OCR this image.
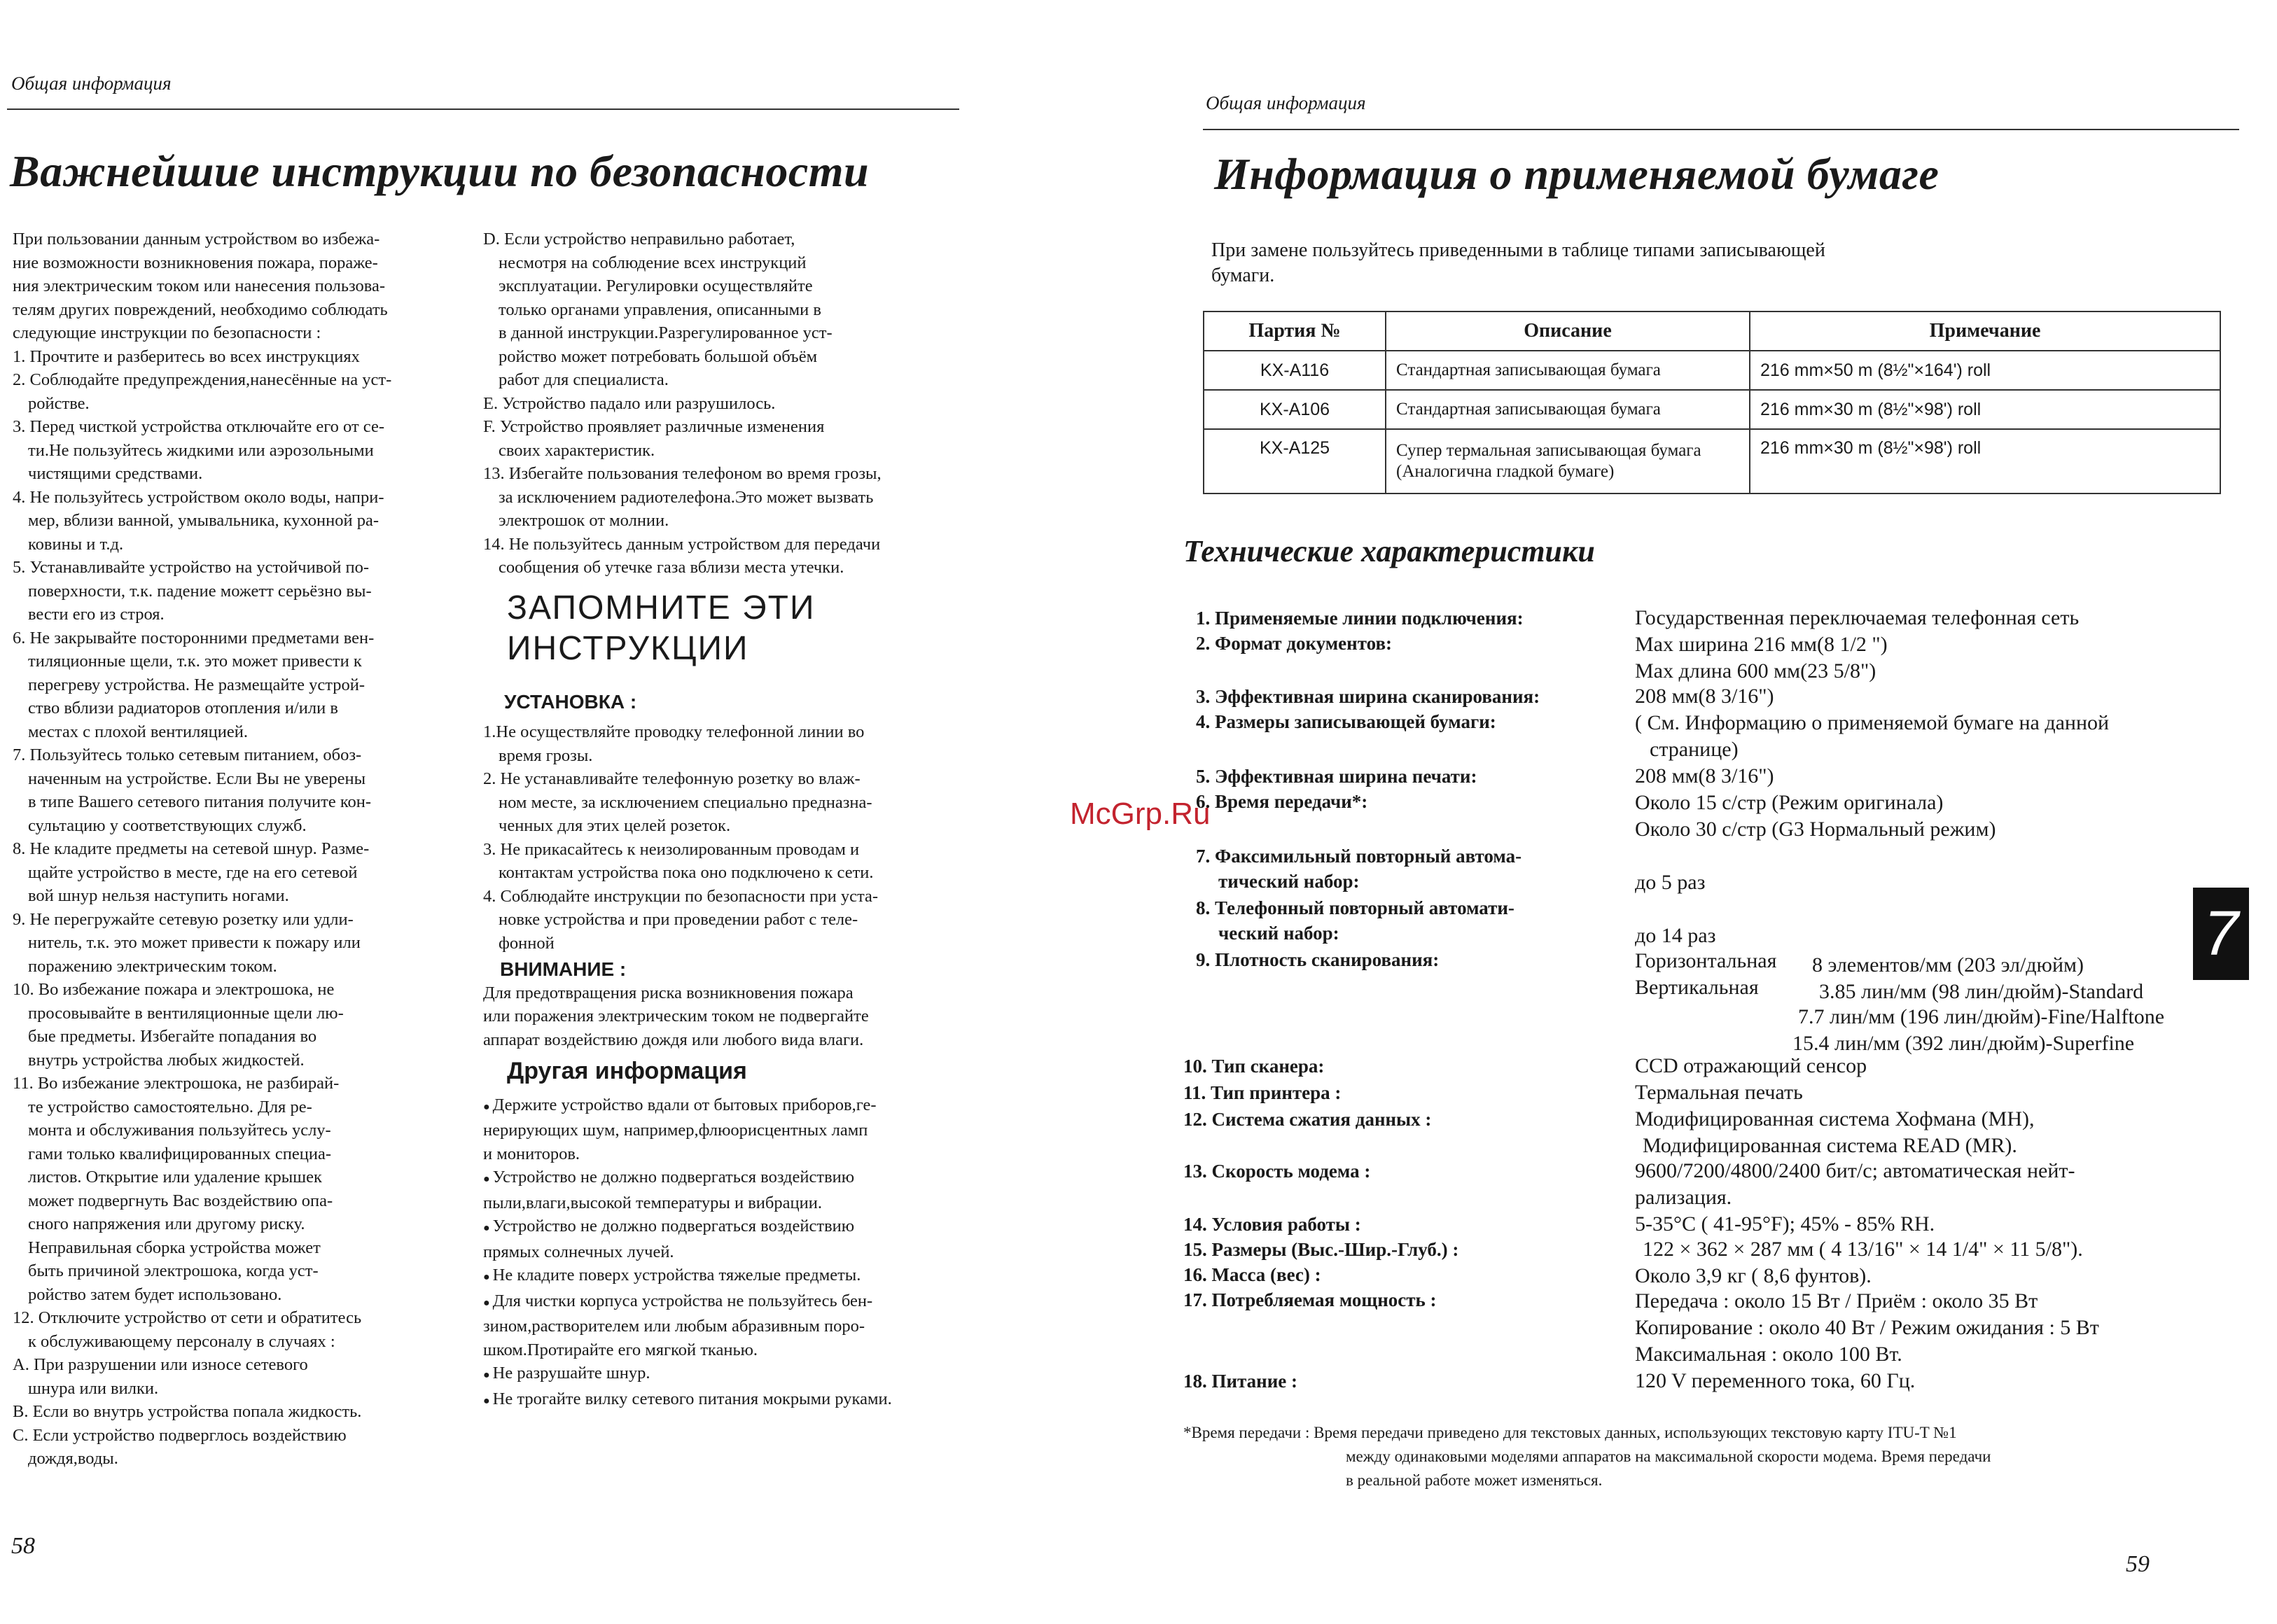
Общая информация
Важнейшие инструкции по безопасности

При пользовании данным устройством во избежа-

ние возможности возникновения пожара, пораже-

ния электрическим током или нанесения пользова-

телям других повреждений, необходимо соблюдать

следующие инструкции по безопасности :

1. Прочтите и разберитесь во всех инструкциях

2. Соблюдайте предупреждения,нанесённые на уст-

ройстве.

3. Перед чисткой устройства отключайте его от се-

ти.Не пользуйтесь жидкими или аэрозольными

чистящими средствами.

4. Не пользуйтесь устройством около воды, напри-

мер, вблизи ванной, умывальника, кухонной ра-

ковины и т.д.

5. Устанавливайте устройство на устойчивой по-

поверхности, т.к. падение можетт серьёзно вы-

вести его из строя.

6. Не закрывайте посторонними предметами вен-

тиляционные щели, т.к. это может привести к

перегреву устройства. Не размещайте устрой-

ство вблизи радиаторов отопления и/или в

местах с плохой вентиляцией.

7. Пользуйтесь только сетевым питанием, обоз-

наченным на устройстве. Если Вы не уверены

в типе Вашего сетевого питания получите кон-

сультацию у соответствующих служб.

8. Не кладите предметы на сетевой шнур. Разме-

щайте устройство в месте, где на его сетевой

вой шнур нельзя наступить ногами.

9. Не перегружайте сетевую розетку или удли-

нитель, т.к. это может привести к пожару или

поражению электрическим током.

10. Во избежание пожара и электрошока, не

просовывайте в вентиляционные щели лю-

бые предметы. Избегайте попадания во

внутрь устройства любых жидкостей.

11. Во избежание электрошока, не разбирай-

те устройство самостоятельно. Для ре-

монта и обслуживания пользуйтесь услу-

гами только квалифицированных специа-

листов. Открытие или удаление крышек

может подвергнуть Вас воздействию опа-

сного напряжения или другому риску.

Неправильная сборка устройства может

быть причиной электрошока, когда уст-

ройство затем будет использовано.

12. Отключите устройство от сети и обратитесь

к обслуживающему персоналу в случаях :

A. При разрушении или износе сетевого

шнура или вилки.

B. Если во внутрь устройства попала жидкость.

C. Если устройство подверглось воздействию

дождя,воды.

D. Если устройство неправильно работает,

несмотря на соблюдение всех инструкций

эксплуатации. Регулировки осуществляйте

только органами управления, описанными в

в данной инструкции.Разрегулированное уст-

ройство может потребовать большой объём

работ для специалиста.

E. Устройство падало или разрушилось.

F. Устройство проявляет различные изменения

своих характеристик.

13. Избегайте пользования телефоном во время грозы,

за исключением радиотелефона.Это может вызвать

электрошок от молнии.

14. Не пользуйтесь данным устройством для передачи

сообщения об утечке газа вблизи места утечки.

ЗАПОМНИТЕ ЭТИ
ИНСТРУКЦИИ
УСТАНОВКА :

1.Не осуществляйте проводку телефонной линии во

время грозы.

2. Не устанавливайте телефонную розетку во влаж-

ном месте, за исключением специально предназна-

ченных для этих целей розеток.

3. Не прикасайтесь к неизолированным проводам и

контактам устройства пока оно подключено к сети.

4. Соблюдайте инструкции по безопасности при уста-

новке устройства и при проведении работ с теле-

фонной

ВНИМАНИЕ :

Для предотвращения риска возникновения пожара

или поражения электрическим током не подвергайте

аппарат воздействию дождя или любого вида влаги.

Другая информация

● Держите устройство вдали от бытовых приборов,ге-

нерирующих шум, например,флюорисцентных ламп

и мониторов.

● Устройство не должно подвергаться воздействию

пыли,влаги,высокой температуры и вибрации.

● Устройство не должно подвергаться воздействию

прямых солнечных лучей.

● Не кладите поверх устройства тяжелые предметы.

● Для чистки корпуса устройства не пользуйтесь бен-

зином,растворителем или любым абразивным поро-

шком.Протирайте его мягкой тканью.

● Не разрушайте шнур.

● Не трогайте вилку сетевого питания мокрыми руками.

58
Общая информация
Информация о применяемой бумаге
При замене пользуйтесь приведенными в таблице типами записывающей
бумаги.
Партия №	Описание	Примечание
KX-A116	Стандартная записывающая бумага	216 mm×50 m (8½"×164') roll
KX-A106	Стандартная записывающая бумага	216 mm×30 m (8½"×98') roll
KX-A125	Супер термальная записывающая бумага
(Аналогична гладкой бумаге)	216 mm×30 m (8½"×98') roll
Технические характеристики
1. Применяемые линии подключения:	Государственная переключаемая телефонная сеть
2. Формат документов:	Max ширина 216 мм(8 1/2 ")
Max длина 600 мм(23 5/8")
3. Эффективная ширина сканирования:	208 мм(8 3/16")
4. Размеры записывающей бумаги:	( См. Информацию о применяемой бумаге на данной
странице)
5. Эффективная ширина печати:	208 мм(8 3/16")
6. Время передачи*:	Около 15 с/стр (Режим оригинала)
Около 30 с/стр (G3 Нормальный режим)
7. Факсимильный повторный автома-
тический набор:	до 5 раз
8. Телефонный повторный автомати-
ческий набор:	до 14 раз
9. Плотность сканирования:	Горизонтальная 8 элементов/мм (203 эл/дюйм)
Вертикальная	3.85 лин/мм (98 лин/дюйм)-Standard
7.7 лин/мм (196 лин/дюйм)-Fine/Halftone
15.4 лин/мм (392 лин/дюйм)-Superfine
10. Тип сканера:	CCD отражающий сенсор
11. Тип принтера :	Термальная печать
12. Система сжатия данных :	Модифицированная система Хофмана (MH),
Модифицированная система READ (MR).
13. Скорость модема :	9600/7200/4800/2400 бит/с; автоматическая нейт-
рализация.
14. Условия работы :	5-35°C ( 41-95°F); 45% - 85% RH.
15. Размеры (Выс.-Шир.-Глуб.) :	122 × 362 × 287 мм ( 4 13/16" × 14 1/4" × 11 5/8").
16. Масса (вес) :	Около 3,9 кг ( 8,6 фунтов).
17. Потребляемая мощность :	Передача : около 15 Вт / Приём : около 35 Вт
Копирование : около 40 Вт / Режим ожидания : 5 Вт
Максимальная : около 100 Вт.
18. Питание :	120 V переменного тока, 60 Гц.
*Время передачи : Время передачи приведено для текстовых данных, использующих текстовую карту ITU-T №1
между одинаковыми моделями аппаратов на максимальной скорости модема. Время передачи
в реальной работе может изменяться.
7
McGrp.Ru
59
